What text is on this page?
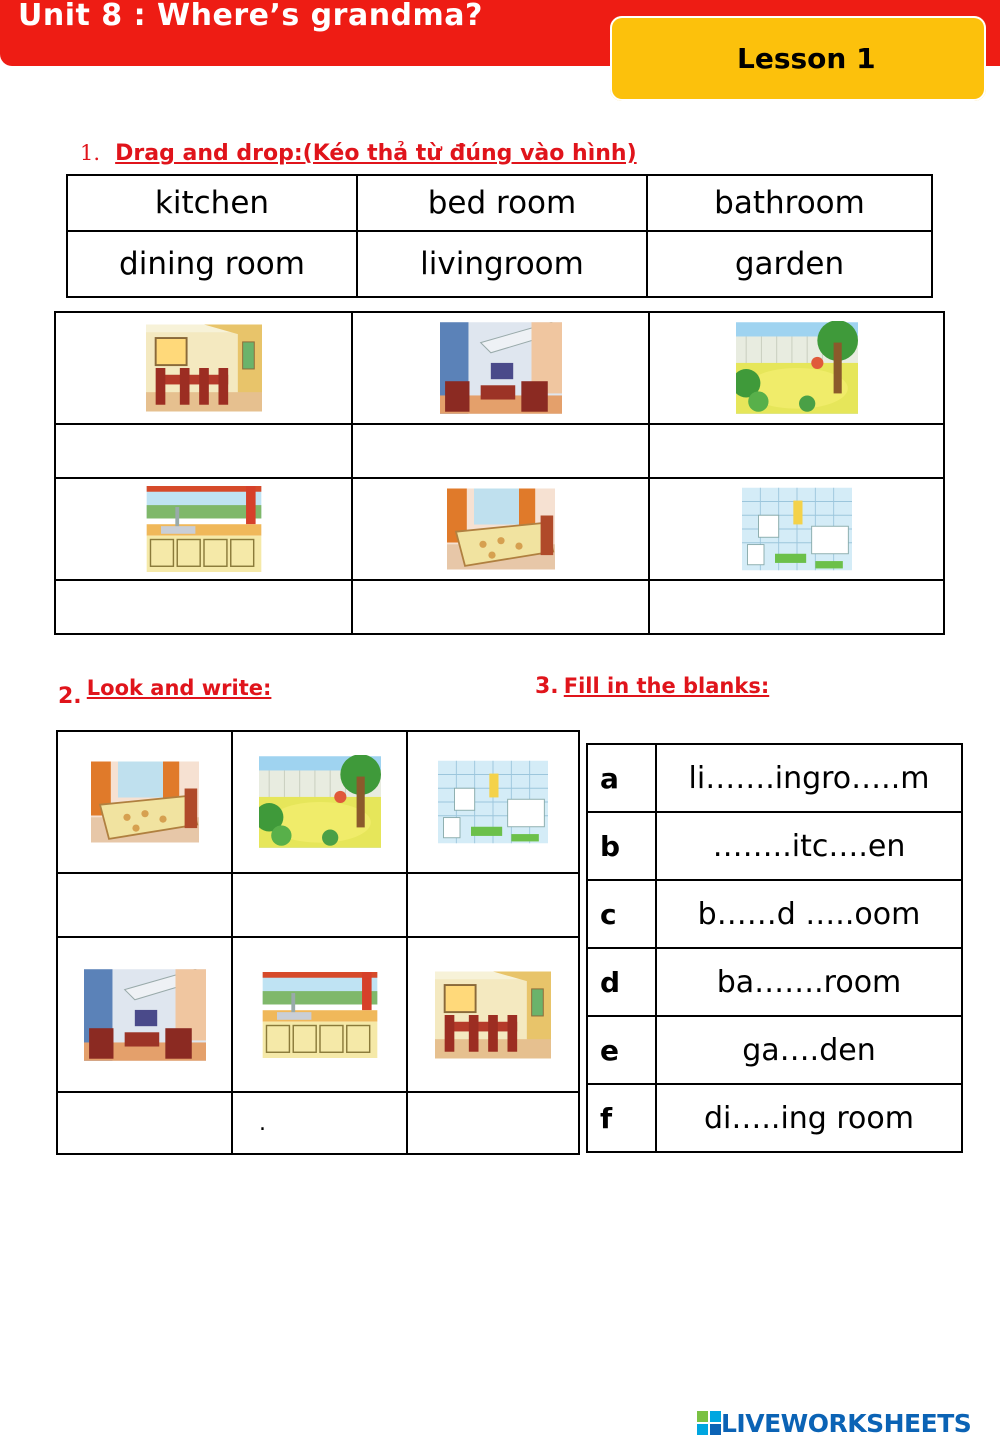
Unit 8 : Where’s grandma?
Lesson 1
1. Drag and drop:(Kéo thả từ đúng vào hình)
kitchen	bed room	bathroom
dining room	livingroom	garden

2. Look and write:	3. Fill in the blanks:

	.	
a	li…….ingro…..m
b	……..itc….en
c	b……d …..oom
d	ba…….room
e	ga….den
f	di…..ing room
LIVEWORKSHEETS
